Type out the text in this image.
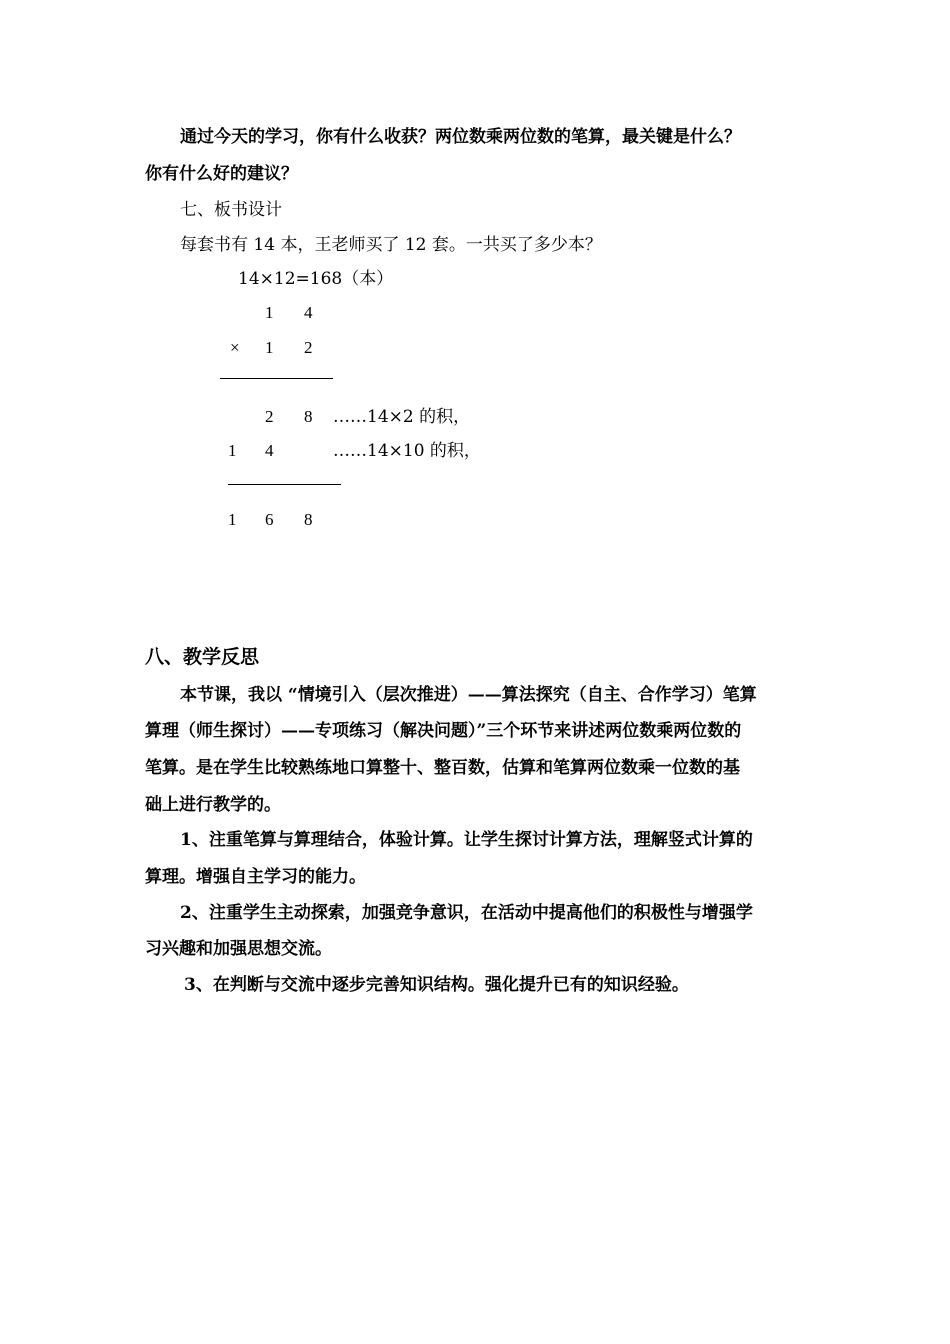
通过今天的学习，你有什么收获？两位数乘两位数的笔算，最关键是什么？
你有什么好的建议？
七、板书设计
每套书有 14 本，王老师买了 12 套。一共买了多少本？
14×12=168（本）
1 4
× 1 2
2 8 ……14×2 的积，
1 4	……14×10 的积，
1 6 8
八、教学反思
本节课，我以 “情境引入（层次推进）——算法探究（自主、合作学习）笔算
算理（师生探讨）——专项练习（解决问题）”三个环节来讲述两位数乘两位数的
笔算。是在学生比较熟练地口算整十、整百数，估算和笔算两位数乘一位数的基
础上进行教学的。
1、注重笔算与算理结合，体验计算。让学生探讨计算方法，理解竖式计算的
算理。增强自主学习的能力。
2、注重学生主动探索，加强竞争意识，在活动中提高他们的积极性与增强学
习兴趣和加强思想交流。
3、在判断与交流中逐步完善知识结构。强化提升已有的知识经验。
